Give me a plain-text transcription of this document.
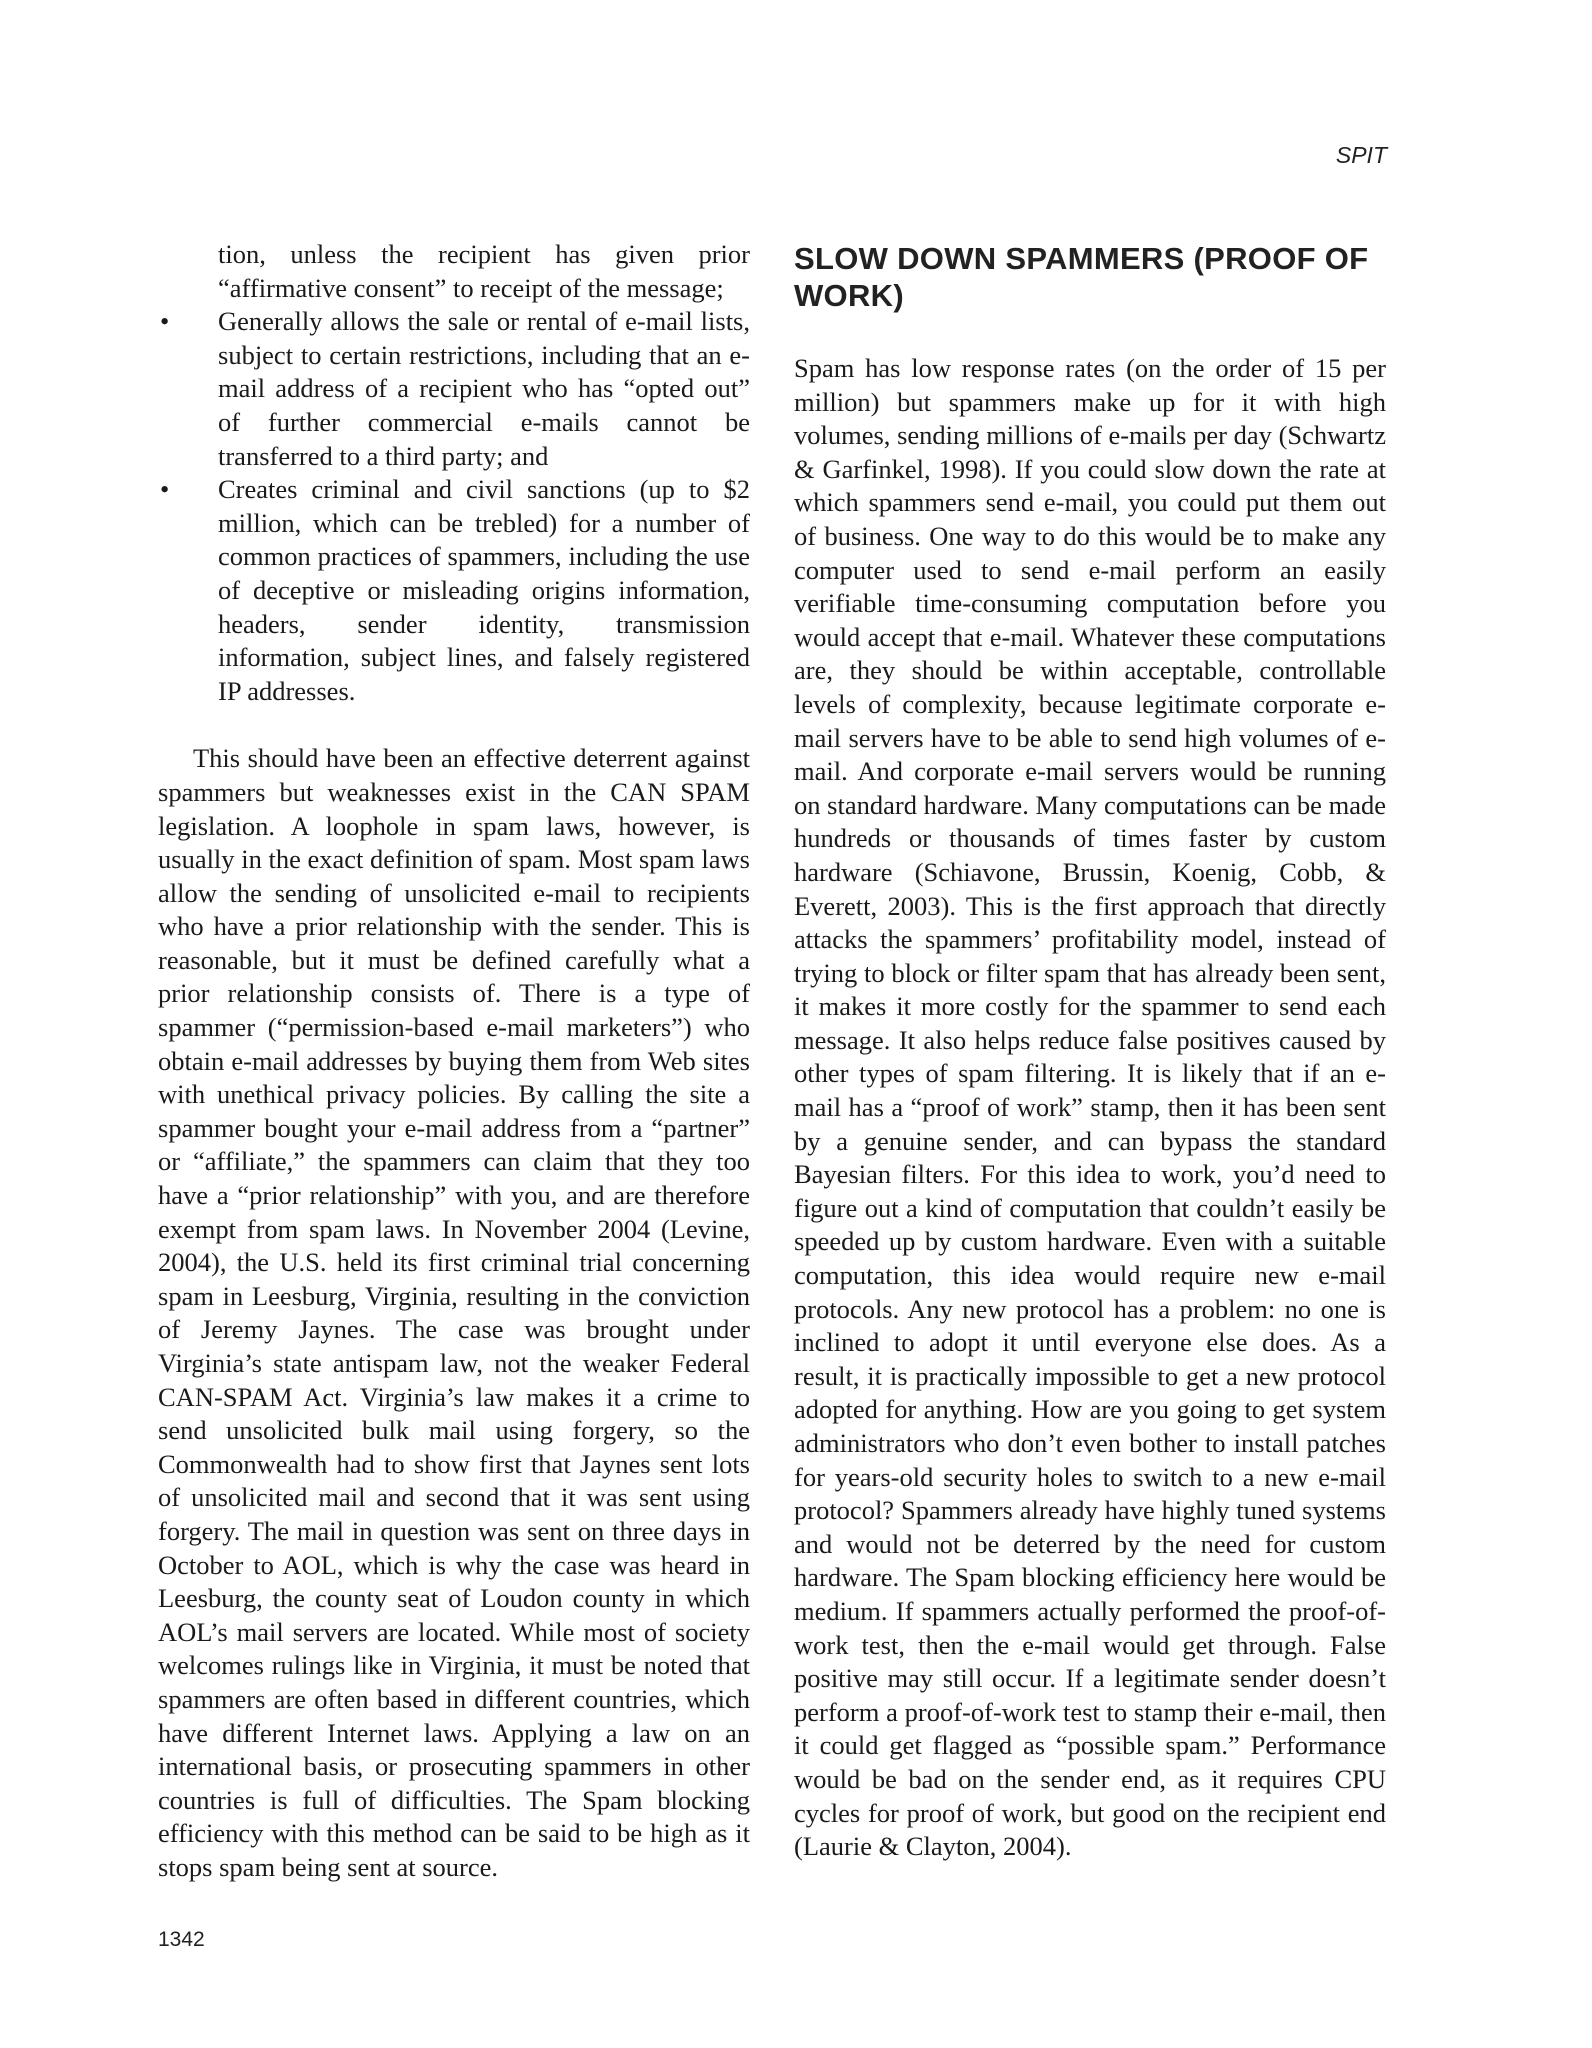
SPIT

tion, unless the recipient has given prior “affirmative consent” to receipt of the message;

• Generally allows the sale or rental of e-mail lists, subject to certain restrictions, including that an e-mail address of a recipient who has “opted out” of further commercial e-mails cannot be transferred to a third party; and
• Creates criminal and civil sanctions (up to $2 million, which can be trebled) for a number of common practices of spammers, including the use of deceptive or misleading origins information, headers, sender identity, transmission information, subject lines, and falsely registered IP addresses.

This should have been an effective deterrent against spammers but weaknesses exist in the CAN SPAM legislation. A loophole in spam laws, however, is usually in the exact definition of spam. Most spam laws allow the sending of unsolicited e-mail to recipients who have a prior relationship with the sender. This is reasonable, but it must be defined carefully what a prior relationship consists of. There is a type of spammer (“permission-based e-mail marketers”) who obtain e-mail addresses by buying them from Web sites with unethical privacy policies. By calling the site a spammer bought your e-mail address from a “partner” or “affiliate,” the spammers can claim that they too have a “prior relationship” with you, and are therefore exempt from spam laws. In November 2004 (Levine, 2004), the U.S. held its first criminal trial concerning spam in Leesburg, Virginia, resulting in the conviction of Jeremy Jaynes. The case was brought under Virginia’s state antispam law, not the weaker Federal CAN-SPAM Act. Virginia’s law makes it a crime to send unsolicited bulk mail using forgery, so the Commonwealth had to show first that Jaynes sent lots of unsolicited mail and second that it was sent using forgery. The mail in question was sent on three days in October to AOL, which is why the case was heard in Leesburg, the county seat of Loudon county in which AOL’s mail servers are located. While most of society welcomes rulings like in Virginia, it must be noted that spammers are often based in different countries, which have different Internet laws. Applying a law on an international basis, or prosecuting spammers in other countries is full of difficulties. The Spam blocking efficiency with this method can be said to be high as it stops spam being sent at source.

SLOW DOWN SPAMMERS (PROOF OF WORK)

Spam has low response rates (on the order of 15 per million) but spammers make up for it with high volumes, sending millions of e-mails per day (Schwartz & Garfinkel, 1998). If you could slow down the rate at which spammers send e-mail, you could put them out of business. One way to do this would be to make any computer used to send e-mail perform an easily verifiable time-consuming computation before you would accept that e-mail. Whatever these computations are, they should be within acceptable, controllable levels of complexity, because legitimate corporate e-mail servers have to be able to send high volumes of e-mail. And corporate e-mail servers would be running on standard hardware. Many computations can be made hundreds or thousands of times faster by custom hardware (Schiavone, Brussin, Koenig, Cobb, & Everett, 2003). This is the first approach that directly attacks the spammers’ profitability model, instead of trying to block or filter spam that has already been sent, it makes it more costly for the spammer to send each message. It also helps reduce false positives caused by other types of spam filtering. It is likely that if an e-mail has a “proof of work” stamp, then it has been sent by a genuine sender, and can bypass the standard Bayesian filters. For this idea to work, you’d need to figure out a kind of computation that couldn’t easily be speeded up by custom hardware. Even with a suitable computation, this idea would require new e-mail protocols. Any new protocol has a problem: no one is inclined to adopt it until everyone else does. As a result, it is practically impossible to get a new protocol adopted for anything. How are you going to get system administrators who don’t even bother to install patches for years-old security holes to switch to a new e-mail protocol? Spammers already have highly tuned systems and would not be deterred by the need for custom hardware. The Spam blocking efficiency here would be medium. If spammers actually performed the proof-of-work test, then the e-mail would get through. False positive may still occur. If a legitimate sender doesn’t perform a proof-of-work test to stamp their e-mail, then it could get flagged as “possible spam.” Performance would be bad on the sender end, as it requires CPU cycles for proof of work, but good on the recipient end (Laurie & Clayton, 2004).

1342
